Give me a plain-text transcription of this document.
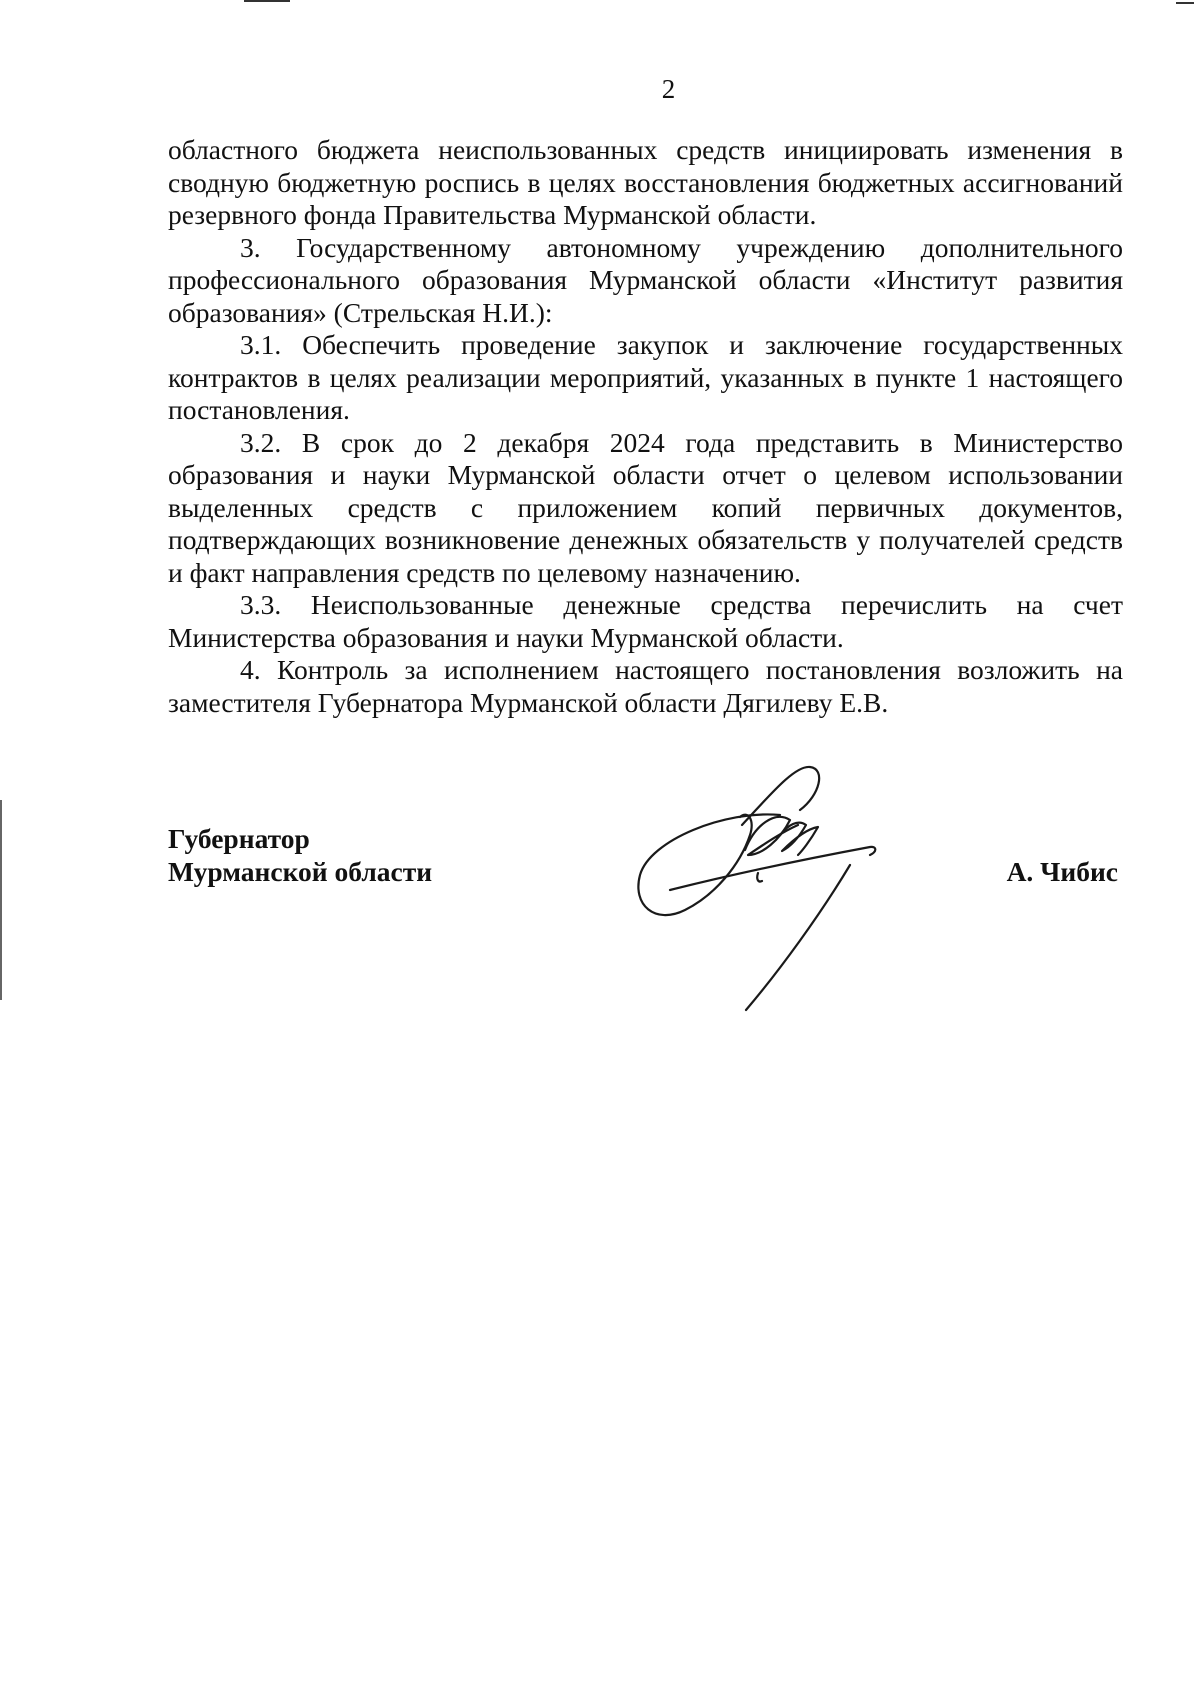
2

областного бюджета неиспользованных средств инициировать изменения в сводную бюджетную роспись в целях восстановления бюджетных ассигнований резервного фонда Правительства Мурманской области.

3. Государственному автономному учреждению дополнительного профессионального образования Мурманской области «Институт развития образования» (Стрельская Н.И.):

3.1. Обеспечить проведение закупок и заключение государственных контрактов в целях реализации мероприятий, указанных в пункте 1 настоящего постановления.

3.2. В срок до 2 декабря 2024 года представить в Министерство образования и науки Мурманской области отчет о целевом использовании выделенных средств с приложением копий первичных документов, подтверждающих возникновение денежных обязательств у получателей средств и факт направления средств по целевому назначению.

3.3. Неиспользованные денежные средства перечислить на счет Министерства образования и науки Мурманской области.

4. Контроль за исполнением настоящего постановления возложить на заместителя Губернатора Мурманской области Дягилеву Е.В.

Губернатор
Мурманской области	А. Чибис
